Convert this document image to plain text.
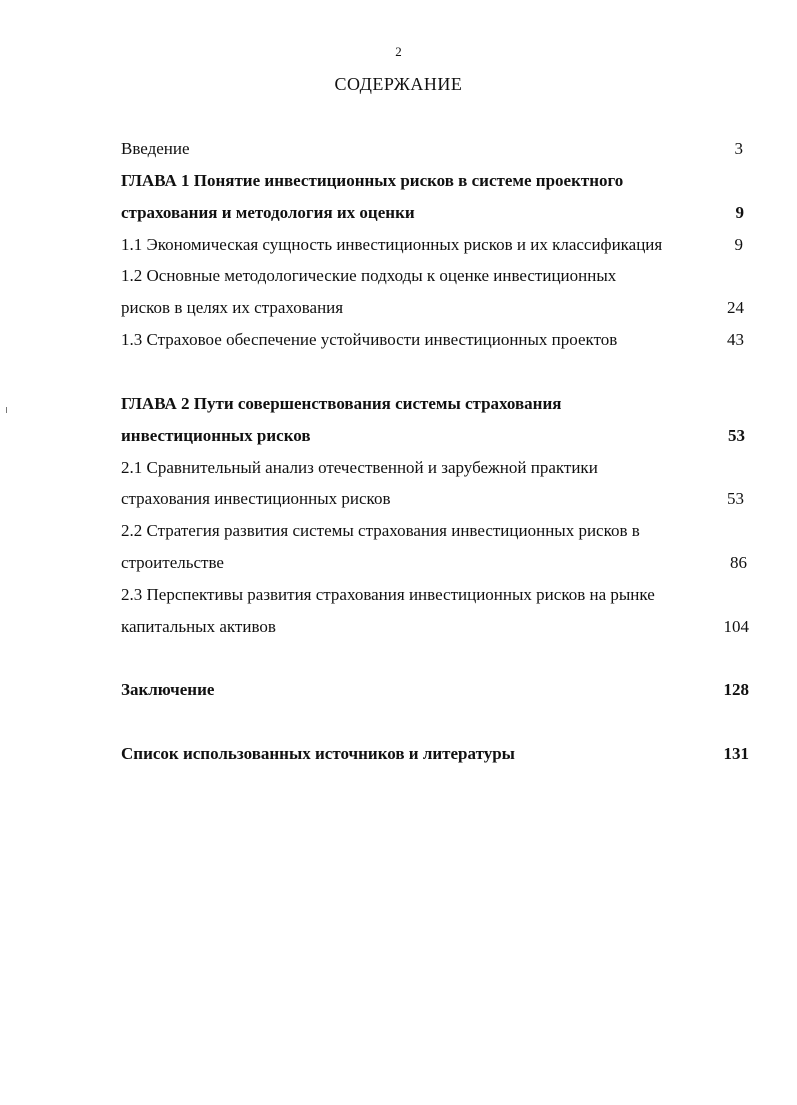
2
СОДЕРЖАНИЕ
Введение	3
ГЛАВА 1 Понятие инвестиционных рисков в системе проектного
страхования и методология их оценки	9
1.1 Экономическая сущность инвестиционных рисков и их классификация	9
1.2 Основные методологические подходы к оценке инвестиционных
рисков в целях их страхования	24
1.3 Страховое обеспечение устойчивости инвестиционных проектов	43
ГЛАВА 2 Пути совершенствования системы страхования
инвестиционных рисков	53
2.1 Сравнительный анализ отечественной и зарубежной практики
страхования инвестиционных рисков	53
2.2 Стратегия развития системы страхования инвестиционных рисков в
строительстве	86
2.3 Перспективы развития страхования инвестиционных рисков на рынке
капитальных активов	104
Заключение	128
Список использованных источников и литературы	131
